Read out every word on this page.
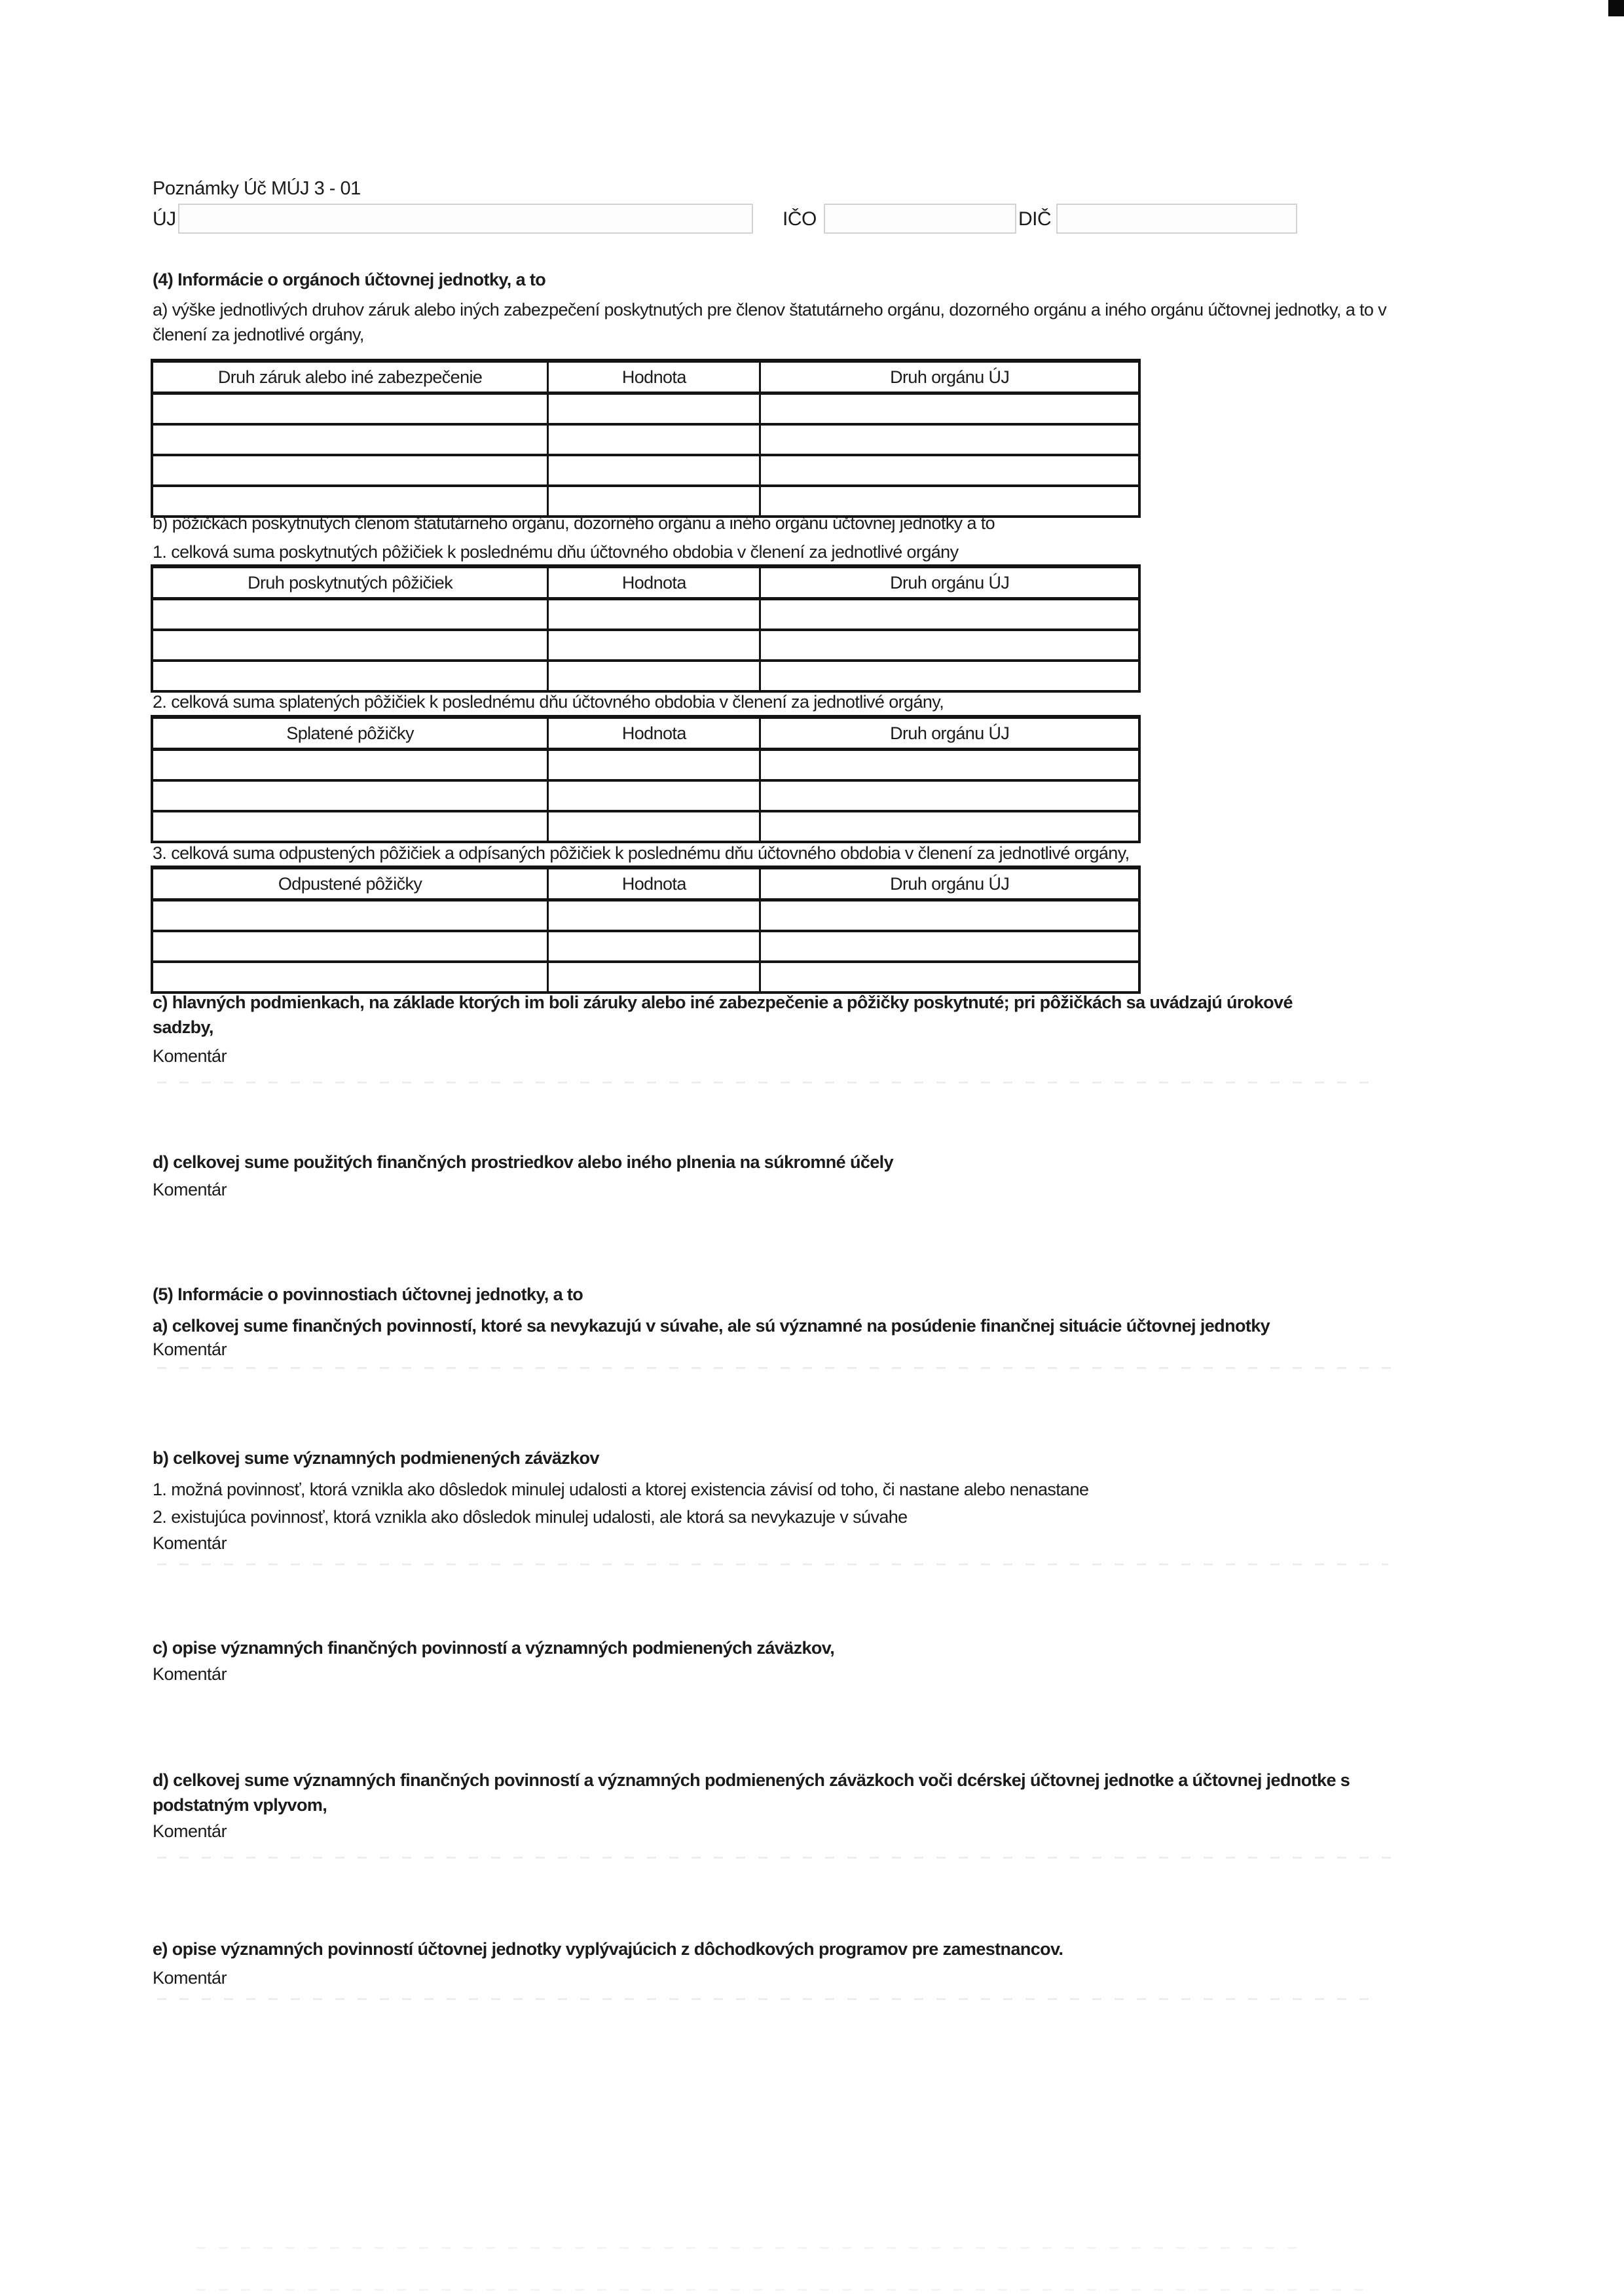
Poznámky Úč MÚJ 3 - 01
ÚJ	IČO	DIČ
(4) Informácie o orgánoch účtovnej jednotky, a to
a) výške jednotlivých druhov záruk alebo iných zabezpečení poskytnutých pre členov štatutárneho orgánu, dozorného orgánu a iného orgánu účtovnej jednotky, a to v členení za jednotlivé orgány,
Druh záruk alebo iné zabezpečenie	Hodnota	Druh orgánu ÚJ

b) pôžičkách poskytnutých členom štatutárneho orgánu, dozorného orgánu a iného orgánu účtovnej jednotky a to
1. celková suma poskytnutých pôžičiek k poslednému dňu účtovného obdobia v členení za jednotlivé orgány
Druh poskytnutých pôžičiek	Hodnota	Druh orgánu ÚJ

2. celková suma splatených pôžičiek k poslednému dňu účtovného obdobia v členení za jednotlivé orgány,
Splatené pôžičky	Hodnota	Druh orgánu ÚJ

3. celková suma odpustených pôžičiek a odpísaných pôžičiek k poslednému dňu účtovného obdobia v členení za jednotlivé orgány,
Odpustené pôžičky	Hodnota	Druh orgánu ÚJ

c) hlavných podmienkach, na základe ktorých im boli záruky alebo iné zabezpečenie a pôžičky poskytnuté; pri pôžičkách sa uvádzajú úrokové sadzby,
Komentár
d) celkovej sume použitých finančných prostriedkov alebo iného plnenia na súkromné účely
Komentár
(5) Informácie o povinnostiach účtovnej jednotky, a to
a) celkovej sume finančných povinností, ktoré sa nevykazujú v súvahe, ale sú významné na posúdenie finančnej situácie účtovnej jednotky
Komentár
b) celkovej sume významných podmienených záväzkov
1. možná povinnosť, ktorá vznikla ako dôsledok minulej udalosti a ktorej existencia závisí od toho, či nastane alebo nenastane
2. existujúca povinnosť, ktorá vznikla ako dôsledok minulej udalosti, ale ktorá sa nevykazuje v súvahe
Komentár
c) opise významných finančných povinností a významných podmienených záväzkov,
Komentár
d) celkovej sume významných finančných povinností a významných podmienených záväzkoch voči dcérskej účtovnej jednotke a účtovnej jednotke s podstatným vplyvom,
Komentár
e) opise významných povinností účtovnej jednotky vyplývajúcich z dôchodkových programov pre zamestnancov.
Komentár
